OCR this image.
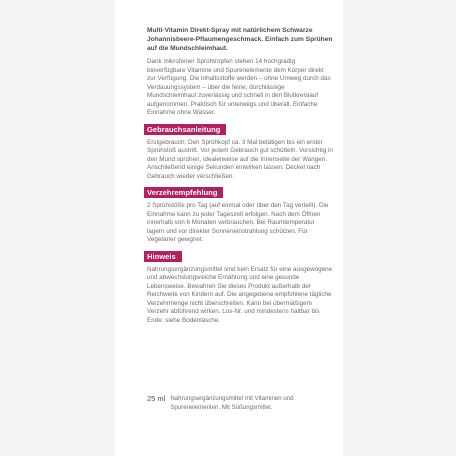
Multi-Vitamin Direkt-Spray mit natürlichem Schwarze Johannisbeere-Pflaumengeschmack. Einfach zum Sprühen auf die Mundschleimhaut.

Dank mikrofeiner Sprühtropfen stehen 14 hochgradig bioverfügbare Vitamine und Spurenelemente dem Körper direkt zur Verfügung. Die Inhaltsstoffe werden – ohne Umweg durch das Verdauungssystem – über die feine, durchlässige Mundschleimhaut zuverlässig und schnell in den Blutkreislauf aufgenommen. Praktisch für unterwegs und überall. Einfache Einnahme ohne Wasser.

Gebrauchsanleitung

Erstgebrauch: Den Sprühkopf ca. 3 Mal betätigen bis ein erster Sprühstoß austritt. Vor jedem Gebrauch gut schütteln. Vorsichtig in den Mund sprühen, idealerweise auf die Innenseite der Wangen. Anschließend einige Sekunden einwirken lassen. Deckel nach Gebrauch wieder verschließen.

Verzehrempfehlung

2 Sprühstöße pro Tag (auf einmal oder über den Tag verteilt). Die Einnahme kann zu jeder Tageszeit erfolgen. Nach dem Öffnen innerhalb von 6 Monaten verbrauchen. Bei Raumtemperatur lagern und vor direkter Sonneneinstrahlung schützen. Für Vegetarier geeignet.

Hinweis

Nahrungsergänzungsmittel sind kein Ersatz für eine ausgewogene und abwechslungsreiche Ernährung und eine gesunde Lebensweise. Bewahren Sie dieses Produkt außerhalb der Reichweite von Kindern auf. Die angegebene empfohlene tägliche Verzehrmenge nicht überschreiten. Kann bei übermäßigem Verzehr abführend wirken. Los-Nr. und mindestens haltbar bis Ende: siehe Bodenlasche.

25 ml Nahrungsergänzungsmittel mit Vitaminen und Spurenelementen. Mit Süßungsmittel.
